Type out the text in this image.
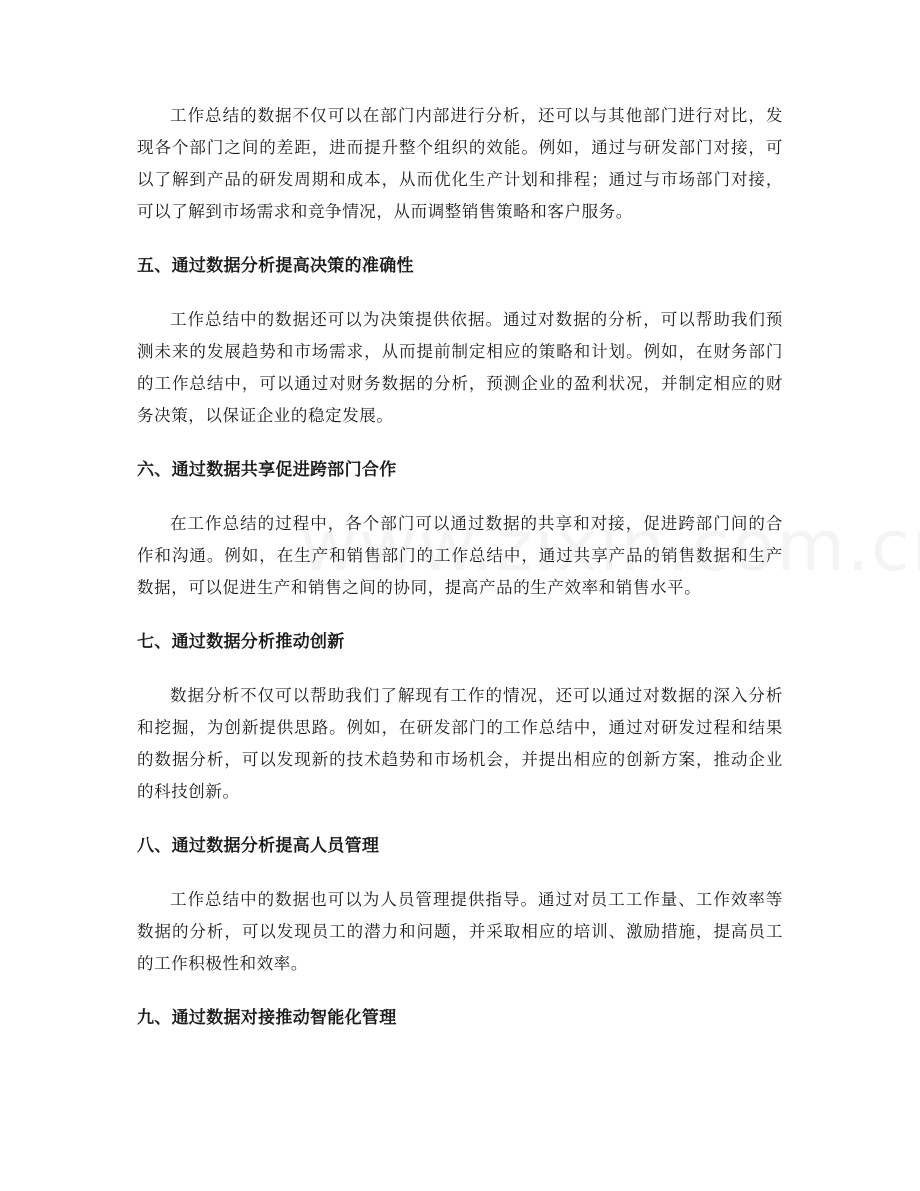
工作总结的数据不仅可以在部门内部进行分析，还可以与其他部门进行对比，发现各个部门之间的差距，进而提升整个组织的效能。例如，通过与研发部门对接，可以了解到产品的研发周期和成本，从而优化生产计划和排程；通过与市场部门对接，可以了解到市场需求和竞争情况，从而调整销售策略和客户服务。

五、通过数据分析提高决策的准确性

工作总结中的数据还可以为决策提供依据。通过对数据的分析，可以帮助我们预测未来的发展趋势和市场需求，从而提前制定相应的策略和计划。例如，在财务部门的工作总结中，可以通过对财务数据的分析，预测企业的盈利状况，并制定相应的财务决策，以保证企业的稳定发展。

六、通过数据共享促进跨部门合作

在工作总结的过程中，各个部门可以通过数据的共享和对接，促进跨部门间的合作和沟通。例如，在生产和销售部门的工作总结中，通过共享产品的销售数据和生产数据，可以促进生产和销售之间的协同，提高产品的生产效率和销售水平。

七、通过数据分析推动创新

数据分析不仅可以帮助我们了解现有工作的情况，还可以通过对数据的深入分析和挖掘，为创新提供思路。例如，在研发部门的工作总结中，通过对研发过程和结果的数据分析，可以发现新的技术趋势和市场机会，并提出相应的创新方案，推动企业的科技创新。

八、通过数据分析提高人员管理

工作总结中的数据也可以为人员管理提供指导。通过对员工工作量、工作效率等数据的分析，可以发现员工的潜力和问题，并采取相应的培训、激励措施，提高员工的工作积极性和效率。

九、通过数据对接推动智能化管理
